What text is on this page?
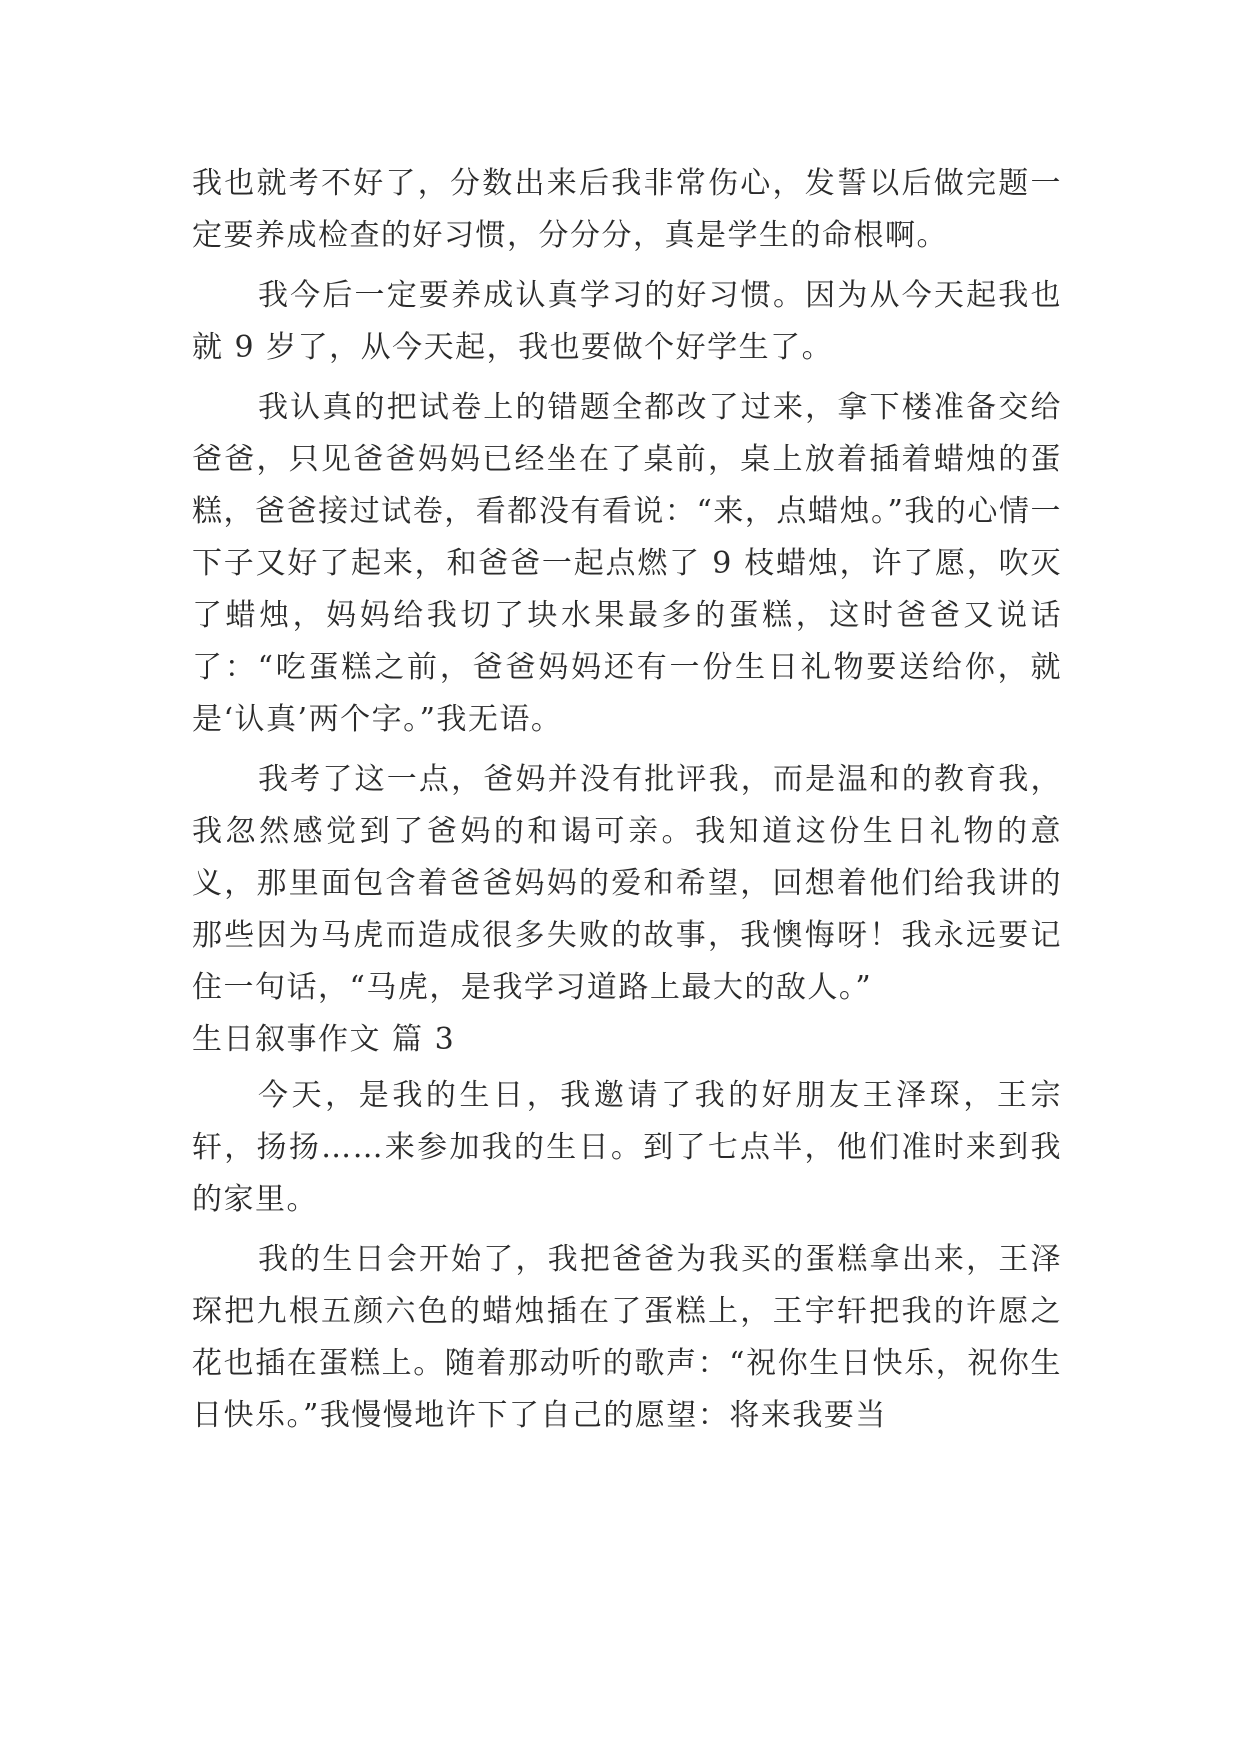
我也就考不好了，分数出来后我非常伤心，发誓以后做完题一定要养成检查的好习惯，分分分，真是学生的命根啊。

我今后一定要养成认真学习的好习惯。因为从今天起我也就 9 岁了，从今天起，我也要做个好学生了。

我认真的把试卷上的错题全都改了过来，拿下楼准备交给爸爸，只见爸爸妈妈已经坐在了桌前，桌上放着插着蜡烛的蛋糕，爸爸接过试卷，看都没有看说：“来，点蜡烛。”我的心情一下子又好了起来，和爸爸一起点燃了 9 枝蜡烛，许了愿，吹灭了蜡烛，妈妈给我切了块水果最多的蛋糕，这时爸爸又说话了：“吃蛋糕之前，爸爸妈妈还有一份生日礼物要送给你，就是‘认真’两个字。”我无语。

我考了这一点，爸妈并没有批评我，而是温和的教育我，我忽然感觉到了爸妈的和谒可亲。我知道这份生日礼物的意义，那里面包含着爸爸妈妈的爱和希望，回想着他们给我讲的那些因为马虎而造成很多失败的故事，我懊悔呀！我永远要记住一句话，“马虎，是我学习道路上最大的敌人。”

生日叙事作文 篇 3

今天，是我的生日，我邀请了我的好朋友王泽琛，王宗轩，扬扬……来参加我的生日。到了七点半，他们准时来到我的家里。

我的生日会开始了，我把爸爸为我买的蛋糕拿出来，王泽琛把九根五颜六色的蜡烛插在了蛋糕上，王宇轩把我的许愿之花也插在蛋糕上。随着那动听的歌声：“祝你生日快乐，祝你生日快乐。”我慢慢地许下了自己的愿望：将来我要当
